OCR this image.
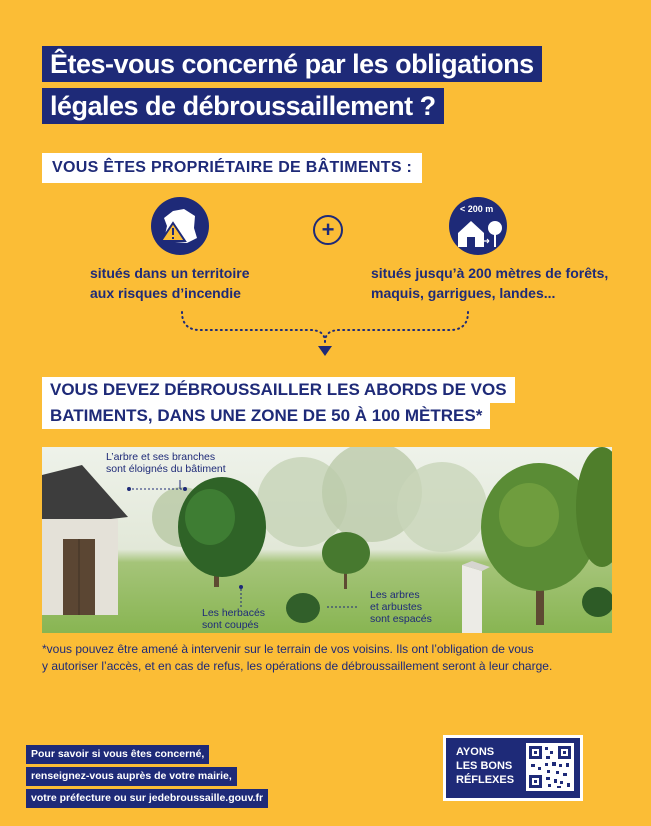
Êtes-vous concerné par les obligations
légales de débroussaillement ?
VOUS ÊTES PROPRIÉTAIRE DE BÂTIMENTS :
situés dans un territoire
aux risques d’incendie
+
< 200 m
situés jusqu’à 200 mètres de forêts,
maquis, garrigues, landes...
VOUS DEVEZ DÉBROUSSAILLER LES ABORDS DE VOS
BATIMENTS, DANS UNE ZONE DE 50 À 100 MÈTRES*
L’arbre et ses branches
sont éloignés du bâtiment
Les herbacés
sont coupés
Les arbres
et arbustes
sont espacés
*vous pouvez être amené à intervenir sur le terrain de vos voisins. Ils ont l’obligation de vous
y autoriser l’accès, et en cas de refus, les opérations de débroussaillement seront à leur charge.
Pour savoir si vous êtes concerné,
renseignez-vous auprès de votre mairie,
votre préfecture ou sur jedebroussaille.gouv.fr
AYONS
LES BONS
RÉFLEXES
